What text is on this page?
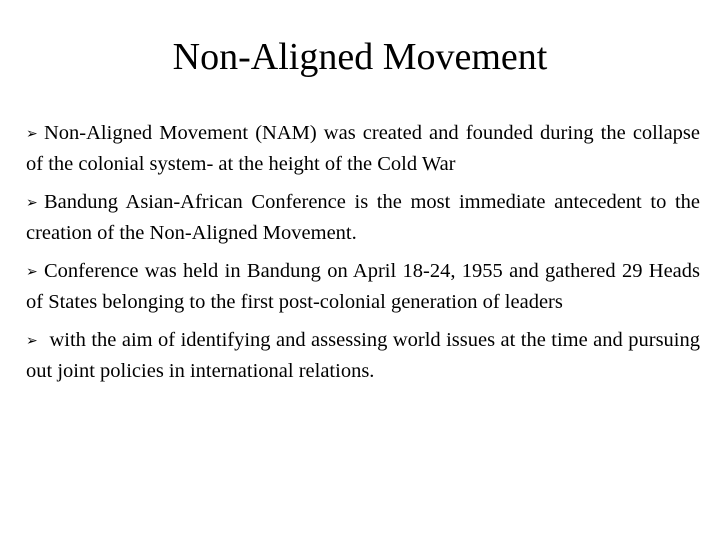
Non-Aligned Movement
➢ Non-Aligned Movement (NAM) was created and founded during the collapse of the colonial system- at the height of the Cold War
➢ Bandung Asian-African Conference is the most immediate antecedent to the creation of the Non-Aligned Movement.
➢ Conference was held in Bandung on April 18-24, 1955 and gathered 29 Heads of States belonging to the first post-colonial generation of leaders
➢ with the aim of identifying and assessing world issues at the time and pursuing out joint policies in international relations.
